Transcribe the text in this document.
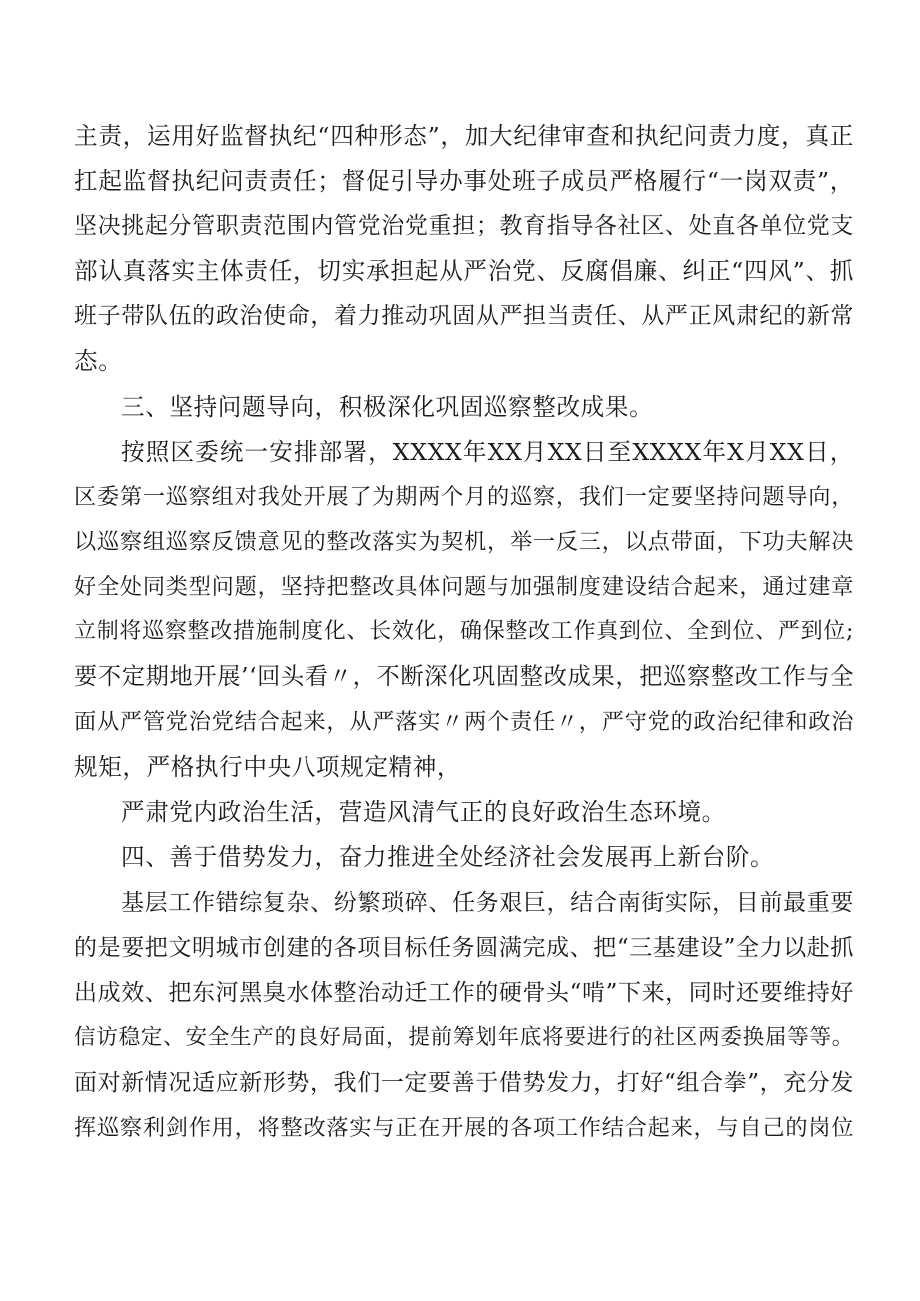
主责，运用好监督执纪“四种形态”，加大纪律审查和执纪问责力度，真正
扛起监督执纪问责责任；督促引导办事处班子成员严格履行“一岗双责”，
坚决挑起分管职责范围内管党治党重担；教育指导各社区、处直各单位党支
部认真落实主体责任，切实承担起从严治党、反腐倡廉、纠正“四风”、抓
班子带队伍的政治使命，着力推动巩固从严担当责任、从严正风肃纪的新常
态。
三、坚持问题导向，积极深化巩固巡察整改成果。
按照区委统一安排部署，XXXX年XX月XX日至XXXX年X月XX日，
区委第一巡察组对我处开展了为期两个月的巡察，我们一定要坚持问题导向，
以巡察组巡察反馈意见的整改落实为契机，举一反三，以点带面，下功夫解决
好全处同类型问题，坚持把整改具体问题与加强制度建设结合起来，通过建章
立制将巡察整改措施制度化、长效化，确保整改工作真到位、全到位、严到位;
要不定期地开展’‘回头看〃，不断深化巩固整改成果，把巡察整改工作与全
面从严管党治党结合起来，从严落实〃两个责任〃，严守党的政治纪律和政治
规矩，严格执行中央八项规定精神，
严肃党内政治生活，营造风清气正的良好政治生态环境。
四、善于借势发力，奋力推进全处经济社会发展再上新台阶。
基层工作错综复杂、纷繁琐碎、任务艰巨，结合南街实际，目前最重要
的是要把文明城市创建的各项目标任务圆满完成、把“三基建设”全力以赴抓
出成效、把东河黑臭水体整治动迁工作的硬骨头“啃”下来，同时还要维持好
信访稳定、安全生产的良好局面，提前筹划年底将要进行的社区两委换届等等。
面对新情况适应新形势，我们一定要善于借势发力，打好“组合拳”，充分发
挥巡察利剑作用，将整改落实与正在开展的各项工作结合起来，与自己的岗位
